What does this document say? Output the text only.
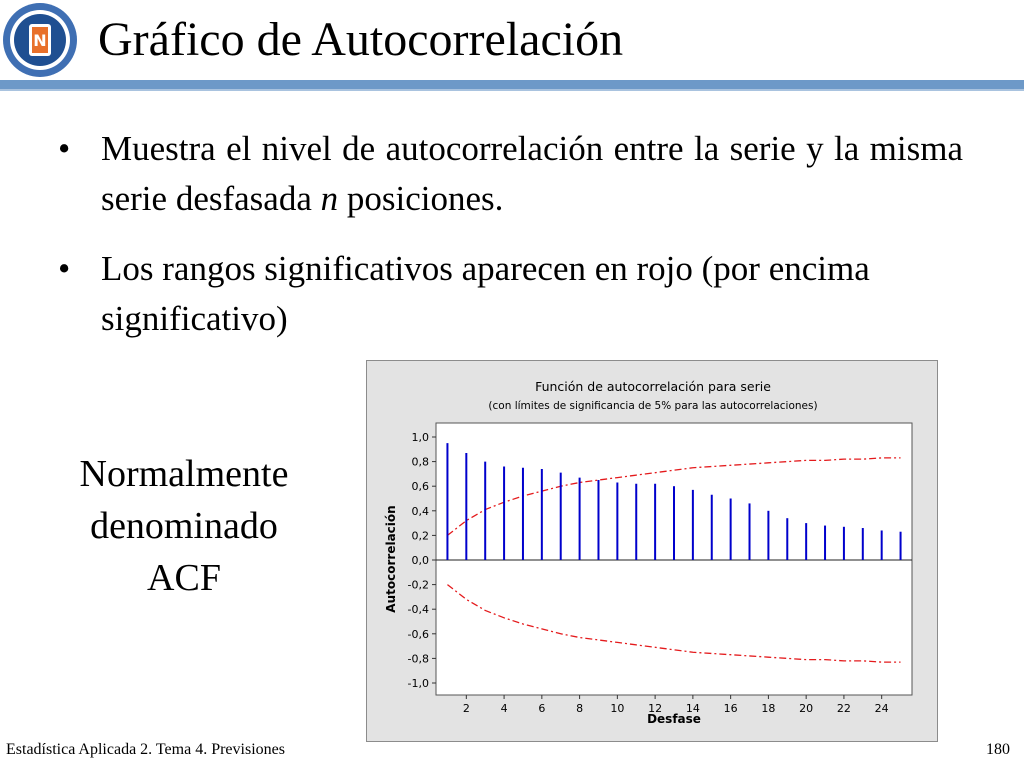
N Gráfico de Autocorrelación
• Muestra el nivel de autocorrelación entre la serie y la misma serie desfasada n posiciones.
• Los rangos significativos aparecen en rojo (por encima significativo)
Normalmente
denominado
ACF
Función de autocorrelación para serie
(con límites de significancia de 5% para las autocorrelaciones)
-1,0
-0,8
-0,6
-0,4
-0,2
0,0
0,2
0,4
0,6
0,8
1,0
2	4	6	8 10 12 14 16 18 20 22 24
Desfase
Autocorrelación
Estadística Aplicada 2. Tema 4. Previsiones	180
